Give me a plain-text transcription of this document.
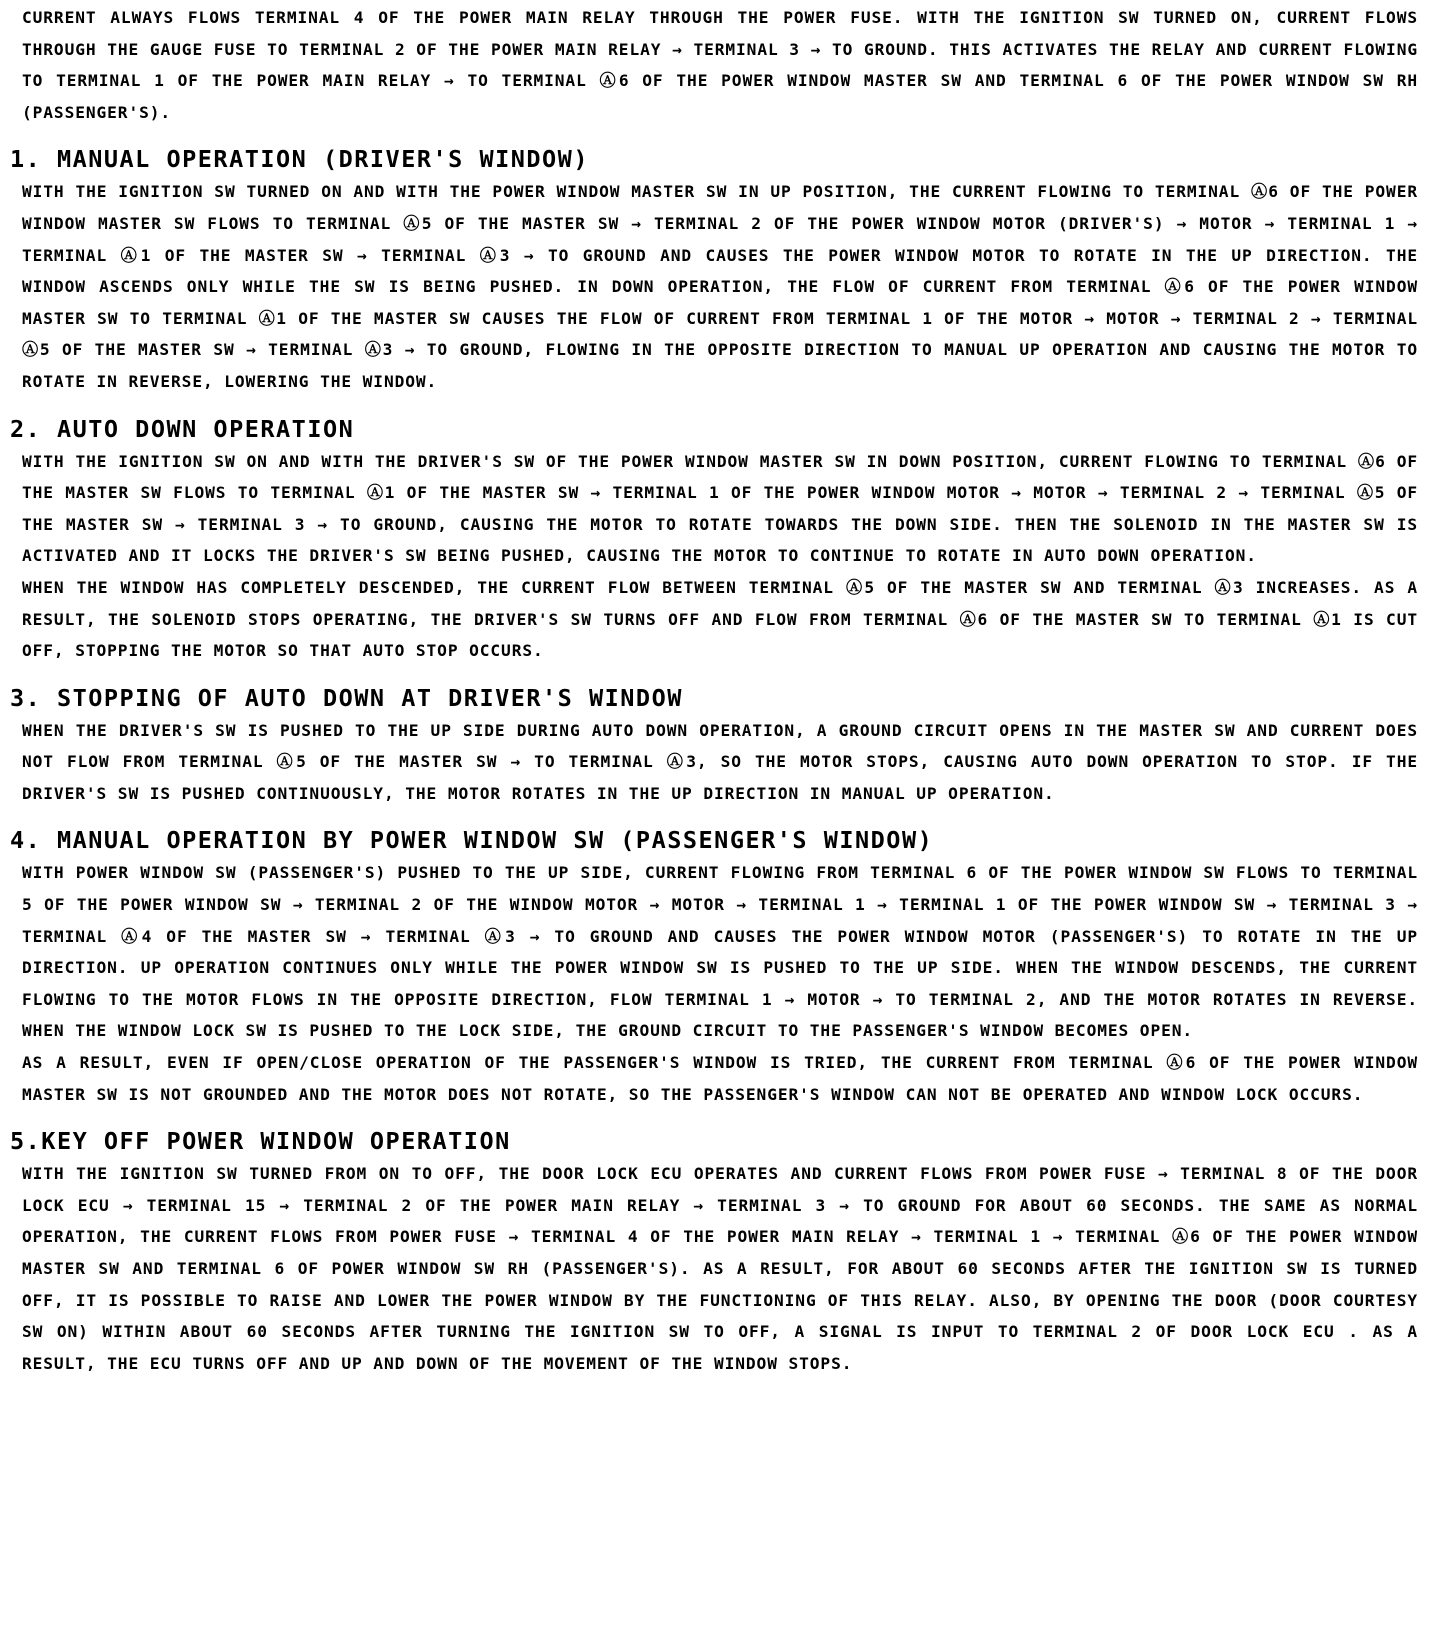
CURRENT ALWAYS FLOWS TERMINAL 4 OF THE POWER MAIN RELAY THROUGH THE POWER FUSE. WITH THE IGNITION SW TURNED ON, CURRENT FLOWS THROUGH THE GAUGE FUSE TO TERMINAL 2 OF THE POWER MAIN RELAY → TERMINAL 3 → TO GROUND. THIS ACTIVATES THE RELAY AND CURRENT FLOWING TO TERMINAL 1 OF THE POWER MAIN RELAY → TO TERMINAL Ⓐ6 OF THE POWER WINDOW MASTER SW AND TERMINAL 6 OF THE POWER WINDOW SW RH (PASSENGER'S).

1. MANUAL OPERATION (DRIVER'S WINDOW)

WITH THE IGNITION SW TURNED ON AND WITH THE POWER WINDOW MASTER SW IN UP POSITION, THE CURRENT FLOWING TO TERMINAL Ⓐ6 OF THE POWER WINDOW MASTER SW FLOWS TO TERMINAL Ⓐ5 OF THE MASTER SW → TERMINAL 2 OF THE POWER WINDOW MOTOR (DRIVER'S) → MOTOR → TERMINAL 1 → TERMINAL Ⓐ1 OF THE MASTER SW → TERMINAL Ⓐ3 → TO GROUND AND CAUSES THE POWER WINDOW MOTOR TO ROTATE IN THE UP DIRECTION. THE WINDOW ASCENDS ONLY WHILE THE SW IS BEING PUSHED. IN DOWN OPERATION, THE FLOW OF CURRENT FROM TERMINAL Ⓐ6 OF THE POWER WINDOW MASTER SW TO TERMINAL Ⓐ1 OF THE MASTER SW CAUSES THE FLOW OF CURRENT FROM TERMINAL 1 OF THE MOTOR → MOTOR → TERMINAL 2 → TERMINAL Ⓐ5 OF THE MASTER SW → TERMINAL Ⓐ3 → TO GROUND, FLOWING IN THE OPPOSITE DIRECTION TO MANUAL UP OPERATION AND CAUSING THE MOTOR TO ROTATE IN REVERSE, LOWERING THE WINDOW.

2. AUTO DOWN OPERATION

WITH THE IGNITION SW ON AND WITH THE DRIVER'S SW OF THE POWER WINDOW MASTER SW IN DOWN POSITION, CURRENT FLOWING TO TERMINAL Ⓐ6 OF THE MASTER SW FLOWS TO TERMINAL Ⓐ1 OF THE MASTER SW → TERMINAL 1 OF THE POWER WINDOW MOTOR → MOTOR → TERMINAL 2 → TERMINAL Ⓐ5 OF THE MASTER SW → TERMINAL 3 → TO GROUND, CAUSING THE MOTOR TO ROTATE TOWARDS THE DOWN SIDE. THEN THE SOLENOID IN THE MASTER SW IS ACTIVATED AND IT LOCKS THE DRIVER'S SW BEING PUSHED, CAUSING THE MOTOR TO CONTINUE TO ROTATE IN AUTO DOWN OPERATION.

WHEN THE WINDOW HAS COMPLETELY DESCENDED, THE CURRENT FLOW BETWEEN TERMINAL Ⓐ5 OF THE MASTER SW AND TERMINAL Ⓐ3 INCREASES. AS A RESULT, THE SOLENOID STOPS OPERATING, THE DRIVER'S SW TURNS OFF AND FLOW FROM TERMINAL Ⓐ6 OF THE MASTER SW TO TERMINAL Ⓐ1 IS CUT OFF, STOPPING THE MOTOR SO THAT AUTO STOP OCCURS.

3. STOPPING OF AUTO DOWN AT DRIVER'S WINDOW

WHEN THE DRIVER'S SW IS PUSHED TO THE UP SIDE DURING AUTO DOWN OPERATION, A GROUND CIRCUIT OPENS IN THE MASTER SW AND CURRENT DOES NOT FLOW FROM TERMINAL Ⓐ5 OF THE MASTER SW → TO TERMINAL Ⓐ3, SO THE MOTOR STOPS, CAUSING AUTO DOWN OPERATION TO STOP. IF THE DRIVER'S SW IS PUSHED CONTINUOUSLY, THE MOTOR ROTATES IN THE UP DIRECTION IN MANUAL UP OPERATION.

4. MANUAL OPERATION BY POWER WINDOW SW (PASSENGER'S WINDOW)

WITH POWER WINDOW SW (PASSENGER'S) PUSHED TO THE UP SIDE, CURRENT FLOWING FROM TERMINAL 6 OF THE POWER WINDOW SW FLOWS TO TERMINAL 5 OF THE POWER WINDOW SW → TERMINAL 2 OF THE WINDOW MOTOR → MOTOR → TERMINAL 1 → TERMINAL 1 OF THE POWER WINDOW SW → TERMINAL 3 → TERMINAL Ⓐ4 OF THE MASTER SW → TERMINAL Ⓐ3 → TO GROUND AND CAUSES THE POWER WINDOW MOTOR (PASSENGER'S) TO ROTATE IN THE UP DIRECTION. UP OPERATION CONTINUES ONLY WHILE THE POWER WINDOW SW IS PUSHED TO THE UP SIDE. WHEN THE WINDOW DESCENDS, THE CURRENT FLOWING TO THE MOTOR FLOWS IN THE OPPOSITE DIRECTION, FLOW TERMINAL 1 → MOTOR → TO TERMINAL 2, AND THE MOTOR ROTATES IN REVERSE. WHEN THE WINDOW LOCK SW IS PUSHED TO THE LOCK SIDE, THE GROUND CIRCUIT TO THE PASSENGER'S WINDOW BECOMES OPEN.

AS A RESULT, EVEN IF OPEN/CLOSE OPERATION OF THE PASSENGER'S WINDOW IS TRIED, THE CURRENT FROM TERMINAL Ⓐ6 OF THE POWER WINDOW MASTER SW IS NOT GROUNDED AND THE MOTOR DOES NOT ROTATE, SO THE PASSENGER'S WINDOW CAN NOT BE OPERATED AND WINDOW LOCK OCCURS.

5.KEY OFF POWER WINDOW OPERATION

WITH THE IGNITION SW TURNED FROM ON TO OFF, THE DOOR LOCK ECU OPERATES AND CURRENT FLOWS FROM POWER FUSE → TERMINAL 8 OF THE DOOR LOCK ECU → TERMINAL 15 → TERMINAL 2 OF THE POWER MAIN RELAY → TERMINAL 3 → TO GROUND FOR ABOUT 60 SECONDS. THE SAME AS NORMAL OPERATION, THE CURRENT FLOWS FROM POWER FUSE → TERMINAL 4 OF THE POWER MAIN RELAY → TERMINAL 1 → TERMINAL Ⓐ6 OF THE POWER WINDOW MASTER SW AND TERMINAL 6 OF POWER WINDOW SW RH (PASSENGER'S). AS A RESULT, FOR ABOUT 60 SECONDS AFTER THE IGNITION SW IS TURNED OFF, IT IS POSSIBLE TO RAISE AND LOWER THE POWER WINDOW BY THE FUNCTIONING OF THIS RELAY. ALSO, BY OPENING THE DOOR (DOOR COURTESY SW ON) WITHIN ABOUT 60 SECONDS AFTER TURNING THE IGNITION SW TO OFF, A SIGNAL IS INPUT TO TERMINAL 2 OF DOOR LOCK ECU . AS A RESULT, THE ECU TURNS OFF AND UP AND DOWN OF THE MOVEMENT OF THE WINDOW STOPS.
